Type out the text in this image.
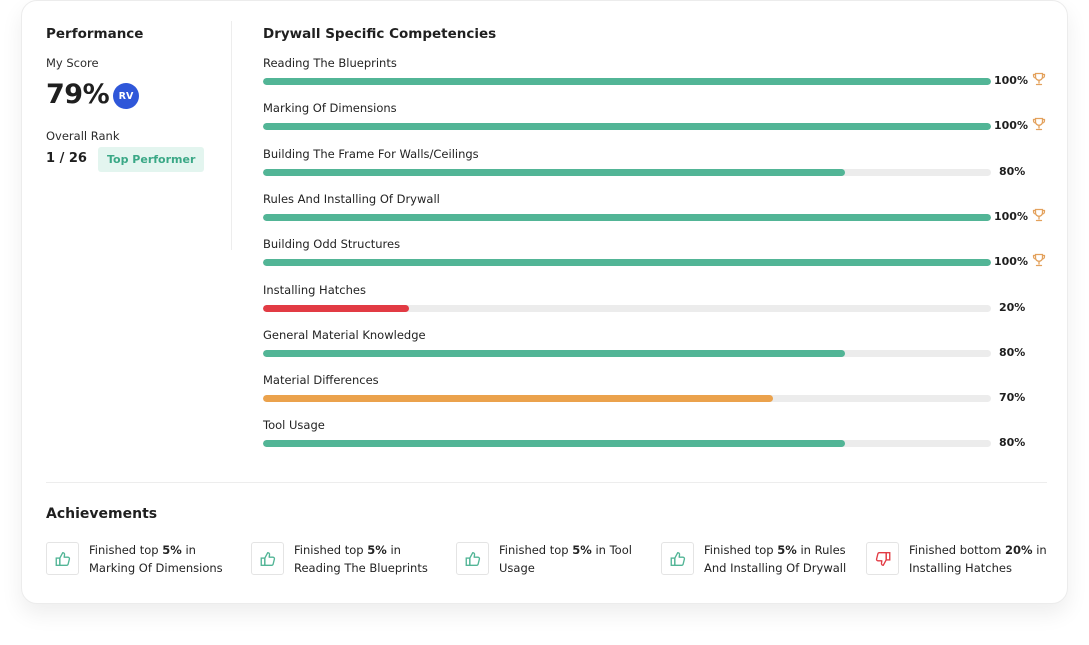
Performance
My Score
79%	RV
Overall Rank
1 / 26	Top Performer
Drywall Specific Competencies
Reading The Blueprints
100%
Marking Of Dimensions
100%
Building The Frame For Walls/Ceilings
80%
Rules And Installing Of Drywall
100%
Building Odd Structures
100%
Installing Hatches
20%
General Material Knowledge
80%
Material Differences
70%
Tool Usage
80%
Achievements
Finished top 5% in Marking Of Dimensions
Finished top 5% in Reading The Blueprints
Finished top 5% in Tool Usage
Finished top 5% in Rules And Installing Of Drywall
Finished bottom 20% in Installing Hatches
